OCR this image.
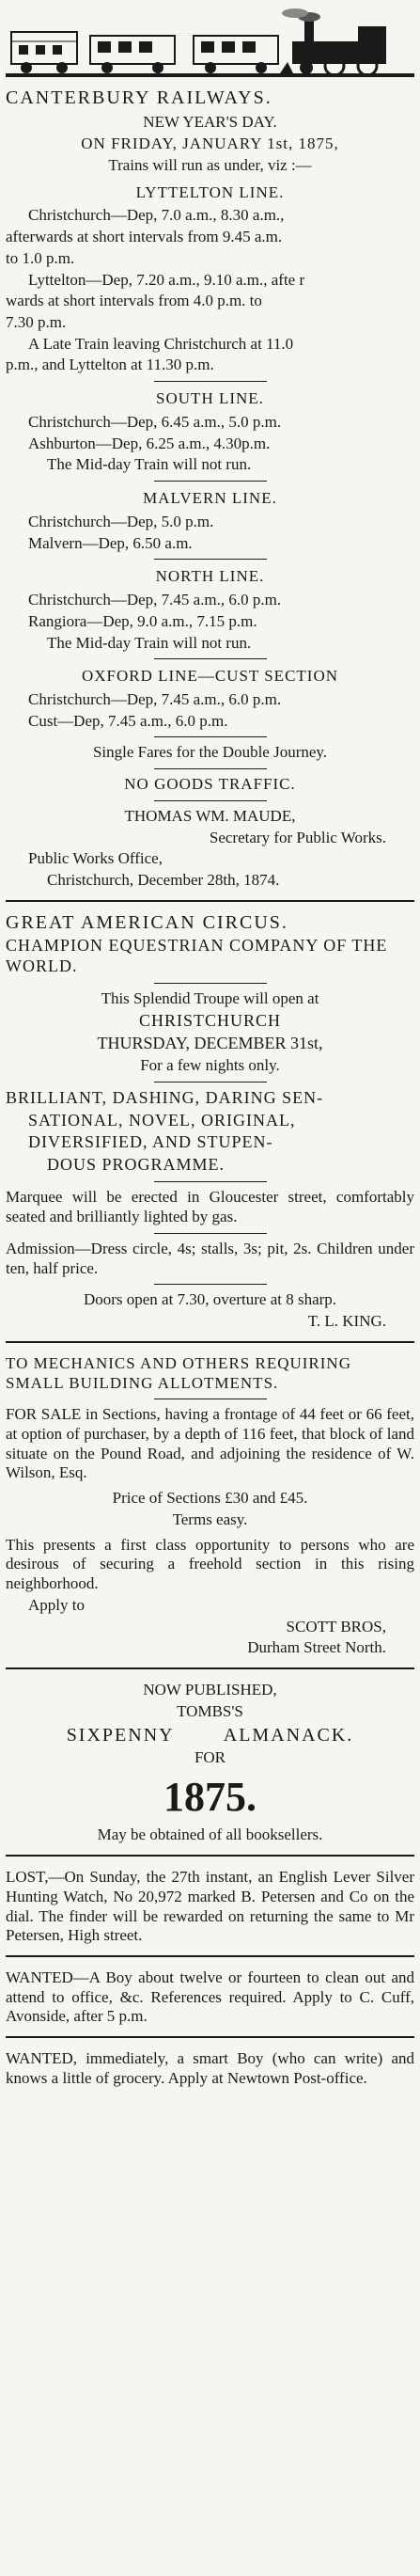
CANTERBURY RAILWAYS.
NEW YEAR'S DAY.
ON FRIDAY, JANUARY 1st, 1875,
Trains will run as under, viz :—
LYTTELTON LINE.
Christchurch—Dep, 7.0 a.m., 8.30 a.m.,
afterwards at short intervals from 9.45 a.m.
to 1.0 p.m.
Lyttelton—Dep, 7.20 a.m., 9.10 a.m., afte r
wards at short intervals from 4.0 p.m. to
7.30 p.m.
A Late Train leaving Christchurch at 11.0
p.m., and Lyttelton at 11.30 p.m.
SOUTH LINE.
Christchurch—Dep, 6.45 a.m., 5.0 p.m.
Ashburton—Dep, 6.25 a.m., 4.30p.m.
The Mid-day Train will not run.
MALVERN LINE.
Christchurch—Dep, 5.0 p.m.
Malvern—Dep, 6.50 a.m.
NORTH LINE.
Christchurch—Dep, 7.45 a.m., 6.0 p.m.
Rangiora—Dep, 9.0 a.m., 7.15 p.m.
The Mid-day Train will not run.
OXFORD LINE—CUST SECTION
Christchurch—Dep, 7.45 a.m., 6.0 p.m.
Cust—Dep, 7.45 a.m., 6.0 p.m.
Single Fares for the Double Journey.
NO GOODS TRAFFIC.
THOMAS WM. MAUDE,
Secretary for Public Works.
Public Works Office,
Christchurch, December 28th, 1874.
GREAT AMERICAN CIRCUS.
CHAMPION EQUESTRIAN COMPANY OF THE WORLD.
This Splendid Troupe will open at
CHRISTCHURCH
THURSDAY, DECEMBER 31st,
For a few nights only.
BRILLIANT, DASHING, DARING SEN-
SATIONAL, NOVEL, ORIGINAL,
DIVERSIFIED, AND STUPEN-
DOUS PROGRAMME.
Marquee will be erected in Gloucester street, comfortably seated and brilliantly lighted by gas.
Admission—Dress circle, 4s; stalls, 3s; pit, 2s. Children under ten, half price.
Doors open at 7.30, overture at 8 sharp.
T. L. KING.
TO MECHANICS AND OTHERS REQUIRING SMALL BUILDING ALLOTMENTS.
FOR SALE in Sections, having a frontage of 44 feet or 66 feet, at option of purchaser, by a depth of 116 feet, that block of land situate on the Pound Road, and adjoining the residence of W. Wilson, Esq.
Price of Sections £30 and £45.
Terms easy.
This presents a first class opportunity to persons who are desirous of securing a freehold section in this rising neighborhood.
Apply to
SCOTT BROS,
Durham Street North.
NOW PUBLISHED,
TOMBS'S
SIXPENNY	ALMANACK.
FOR
1875.
May be obtained of all booksellers.
LOST,—On Sunday, the 27th instant, an English Lever Silver Hunting Watch, No 20,972 marked B. Petersen and Co on the dial. The finder will be rewarded on returning the same to Mr Petersen, High street.
WANTED—A Boy about twelve or fourteen to clean out and attend to office, &c. References required. Apply to C. Cuff, Avonside, after 5 p.m.
WANTED, immediately, a smart Boy (who can write) and knows a little of grocery. Apply at Newtown Post-office.
